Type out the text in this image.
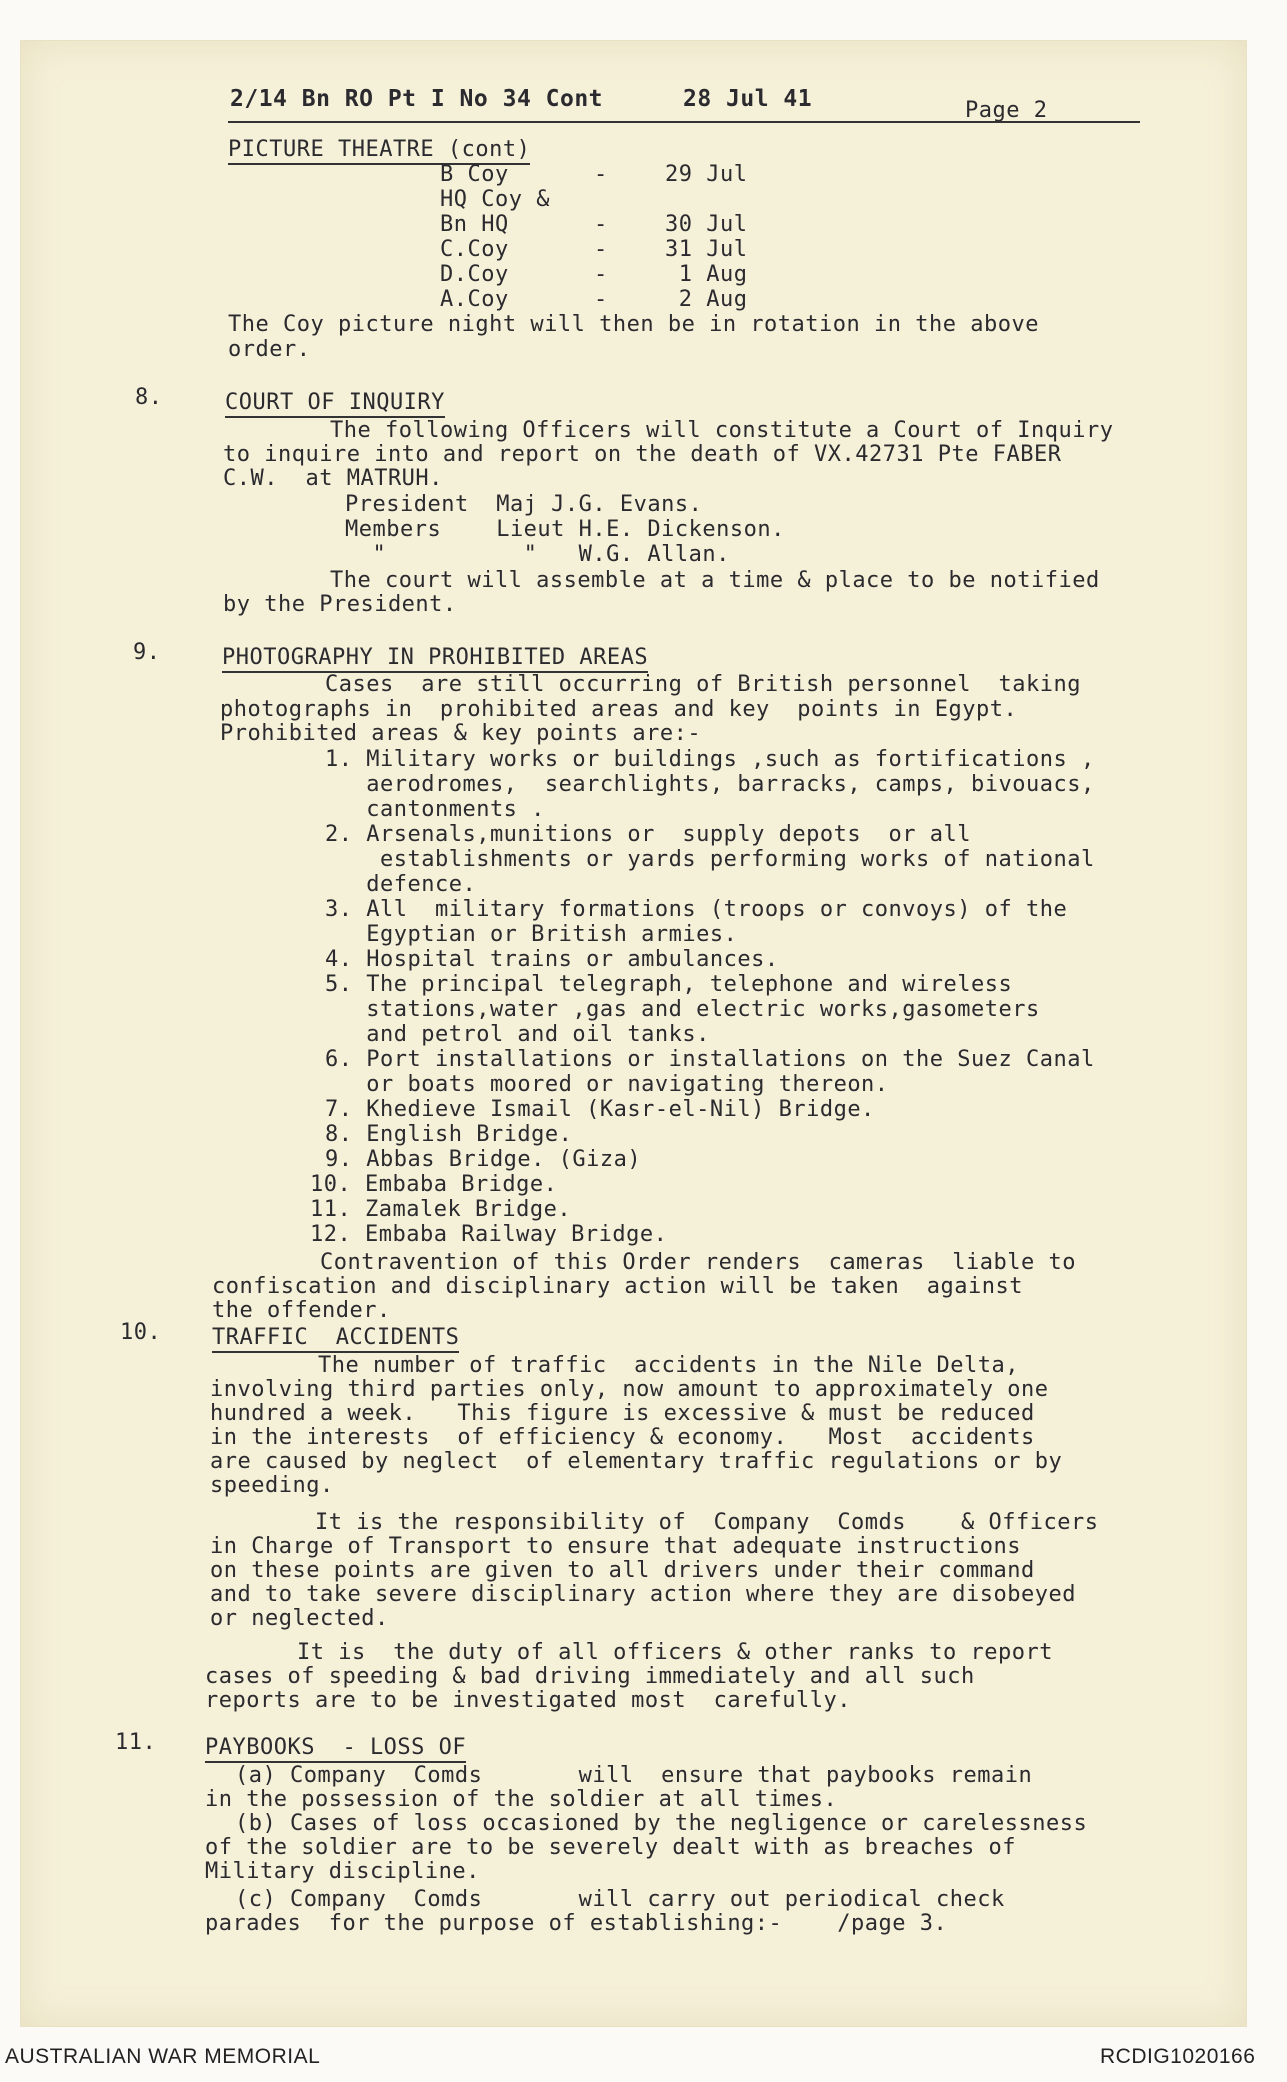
2/14 Bn RO Pt I No 34 Cont	28 Jul 41	Page 2
PICTURE THEATRE (cont)
B Coy	-	29 Jul
HQ Coy &
Bn HQ	-	30 Jul
C.Coy	-	31 Jul
D.Coy	-	1 Aug
A.Coy	-	2 Aug
The Coy picture night will then be in rotation in the above
order.
8.	COURT OF INQUIRY
The following Officers will constitute a Court of Inquiry
to inquire into and report on the death of VX.42731 Pte FABER
C.W.  at MATRUH.
President  Maj J.G. Evans.
Members    Lieut H.E. Dickenson.
"          "   W.G. Allan.
The court will assemble at a time & place to be notified
by the President.
9.	PHOTOGRAPHY IN PROHIBITED AREAS
Cases  are still occurring of British personnel  taking
photographs in  prohibited areas and key  points in Egypt.
Prohibited areas & key points are:-
1. Military works or buildings ,such as fortifications ,
aerodromes,  searchlights, barracks, camps, bivouacs,
cantonments .
2. Arsenals,munitions or  supply depots  or all
establishments or yards performing works of national
defence.
3. All  military formations (troops or convoys) of the
Egyptian or British armies.
4. Hospital trains or ambulances.
5. The principal telegraph, telephone and wireless
stations,water ,gas and electric works,gasometers
and petrol and oil tanks.
6. Port installations or installations on the Suez Canal
or boats moored or navigating thereon.
7. Khedieve Ismail (Kasr-el-Nil) Bridge.
8. English Bridge.
9. Abbas Bridge. (Giza)
10. Embaba Bridge.
11. Zamalek Bridge.
12. Embaba Railway Bridge.
Contravention of this Order renders  cameras  liable to
confiscation and disciplinary action will be taken  against
the offender.
10. TRAFFIC  ACCIDENTS
The number of traffic  accidents in the Nile Delta,
involving third parties only, now amount to approximately one
hundred a week.   This figure is excessive & must be reduced
in the interests  of efficiency & economy.   Most  accidents
are caused by neglect  of elementary traffic regulations or by
speeding.
It is the responsibility of  Company  Comds    & Officers
in Charge of Transport to ensure that adequate instructions
on these points are given to all drivers under their command
and to take severe disciplinary action where they are disobeyed
or neglected.
It is  the duty of all officers & other ranks to report
cases of speeding & bad driving immediately and all such
reports are to be investigated most  carefully.
11. PAYBOOKS  - LOSS OF
(a) Company  Comds       will  ensure that paybooks remain
in the possession of the soldier at all times.
(b) Cases of loss occasioned by the negligence or carelessness
of the soldier are to be severely dealt with as breaches of
Military discipline.
(c) Company  Comds       will carry out periodical check
parades  for the purpose of establishing:-    /page 3.
AUSTRALIAN WAR MEMORIAL	RCDIG1020166
